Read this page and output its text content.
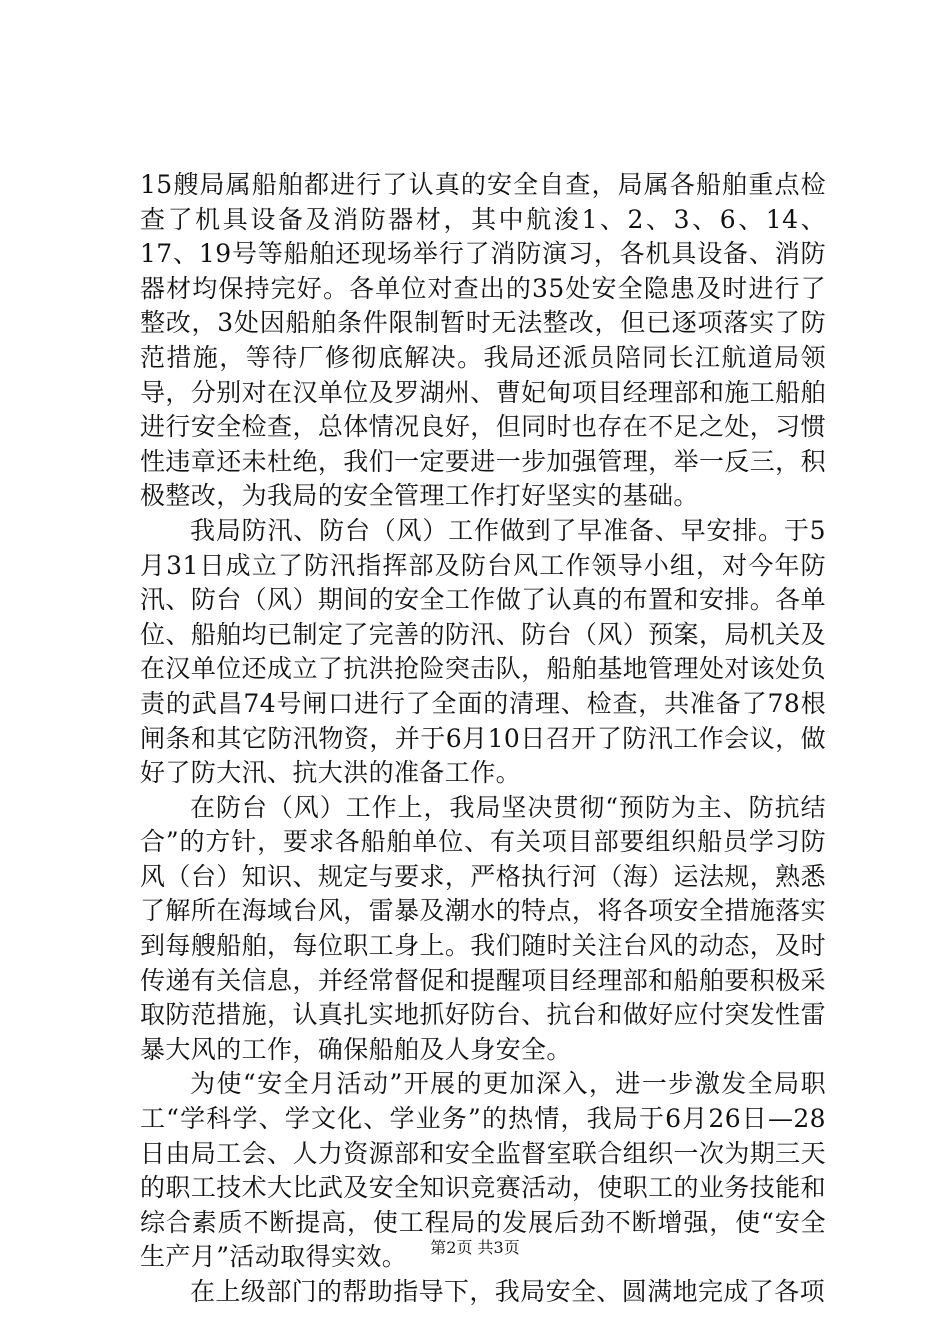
15艘局属船舶都进行了认真的安全自查，局属各船舶重点检查了机具设备及消防器材，其中航浚1、2、3、6、14、17、19号等船舶还现场举行了消防演习，各机具设备、消防器材均保持完好。各单位对查出的35处安全隐患及时进行了整改，3处因船舶条件限制暂时无法整改，但已逐项落实了防范措施，等待厂修彻底解决。我局还派员陪同长江航道局领导，分别对在汉单位及罗湖州、曹妃甸项目经理部和施工船舶进行安全检查，总体情况良好，但同时也存在不足之处，习惯性违章还未杜绝，我们一定要进一步加强管理，举一反三，积极整改，为我局的安全管理工作打好坚实的基础。

我局防汛、防台（风）工作做到了早准备、早安排。于5月31日成立了防汛指挥部及防台风工作领导小组，对今年防汛、防台（风）期间的安全工作做了认真的布置和安排。各单位、船舶均已制定了完善的防汛、防台（风）预案，局机关及在汉单位还成立了抗洪抢险突击队，船舶基地管理处对该处负责的武昌74号闸口进行了全面的清理、检查，共准备了78根闸条和其它防汛物资，并于6月10日召开了防汛工作会议，做好了防大汛、抗大洪的准备工作。

在防台（风）工作上，我局坚决贯彻“预防为主、防抗结合”的方针，要求各船舶单位、有关项目部要组织船员学习防风（台）知识、规定与要求，严格执行河（海）运法规，熟悉了解所在海域台风，雷暴及潮水的特点，将各项安全措施落实到每艘船舶，每位职工身上。我们随时关注台风的动态，及时传递有关信息，并经常督促和提醒项目经理部和船舶要积极采取防范措施，认真扎实地抓好防台、抗台和做好应付突发性雷暴大风的工作，确保船舶及人身安全。

为使“安全月活动”开展的更加深入，进一步激发全局职工“学科学、学文化、学业务”的热情，我局于6月26日—28日由局工会、人力资源部和安全监督室联合组织一次为期三天的职工技术大比武及安全知识竞赛活动，使职工的业务技能和综合素质不断提高，使工程局的发展后劲不断增强，使“安全生产月”活动取得实效。

在上级部门的帮助指导下，我局安全、圆满地完成了各项

第2页 共3页
